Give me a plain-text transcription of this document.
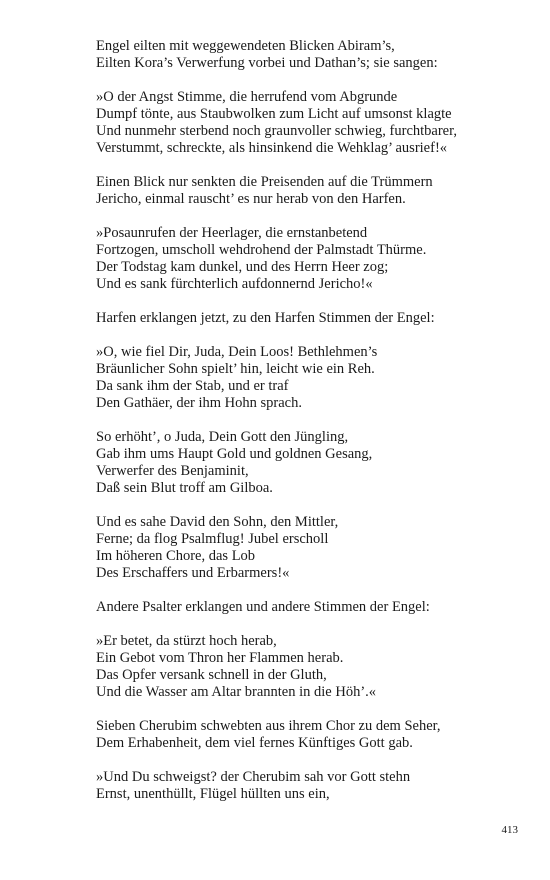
Engel eilten mit weggewendeten Blicken Abiram’s,
Eilten Kora’s Verwerfung vorbei und Dathan’s; sie sangen:
»O der Angst Stimme, die herrufend vom Abgrunde
Dumpf tönte, aus Staubwolken zum Licht auf umsonst klagte
Und nunmehr sterbend noch graunvoller schwieg, furchtbarer,
Verstummt, schreckte, als hinsinkend die Wehklag’ ausrief!«
Einen Blick nur senkten die Preisenden auf die Trümmern
Jericho, einmal rauscht’ es nur herab von den Harfen.
»Posaunrufen der Heerlager, die ernstanbetend
Fortzogen, umscholl wehdrohend der Palmstadt Thürme.
Der Todstag kam dunkel, und des Herrn Heer zog;
Und es sank fürchterlich aufdonnernd Jericho!«
Harfen erklangen jetzt, zu den Harfen Stimmen der Engel:
»O, wie fiel Dir, Juda, Dein Loos! Bethlehmen’s
Bräunlicher Sohn spielt’ hin, leicht wie ein Reh.
Da sank ihm der Stab, und er traf
Den Gathäer, der ihm Hohn sprach.
So erhöht’, o Juda, Dein Gott den Jüngling,
Gab ihm ums Haupt Gold und goldnen Gesang,
Verwerfer des Benjaminit,
Daß sein Blut troff am Gilboa.
Und es sahe David den Sohn, den Mittler,
Ferne; da flog Psalmflug! Jubel erscholl
Im höheren Chore, das Lob
Des Erschaffers und Erbarmers!«
Andere Psalter erklangen und andere Stimmen der Engel:
»Er betet, da stürzt hoch herab,
Ein Gebot vom Thron her Flammen herab.
Das Opfer versank schnell in der Gluth,
Und die Wasser am Altar brannten in die Höh’.«
Sieben Cherubim schwebten aus ihrem Chor zu dem Seher,
Dem Erhabenheit, dem viel fernes Künftiges Gott gab.
»Und Du schweigst? der Cherubim sah vor Gott stehn
Ernst, unenthüllt, Flügel hüllten uns ein,
413
